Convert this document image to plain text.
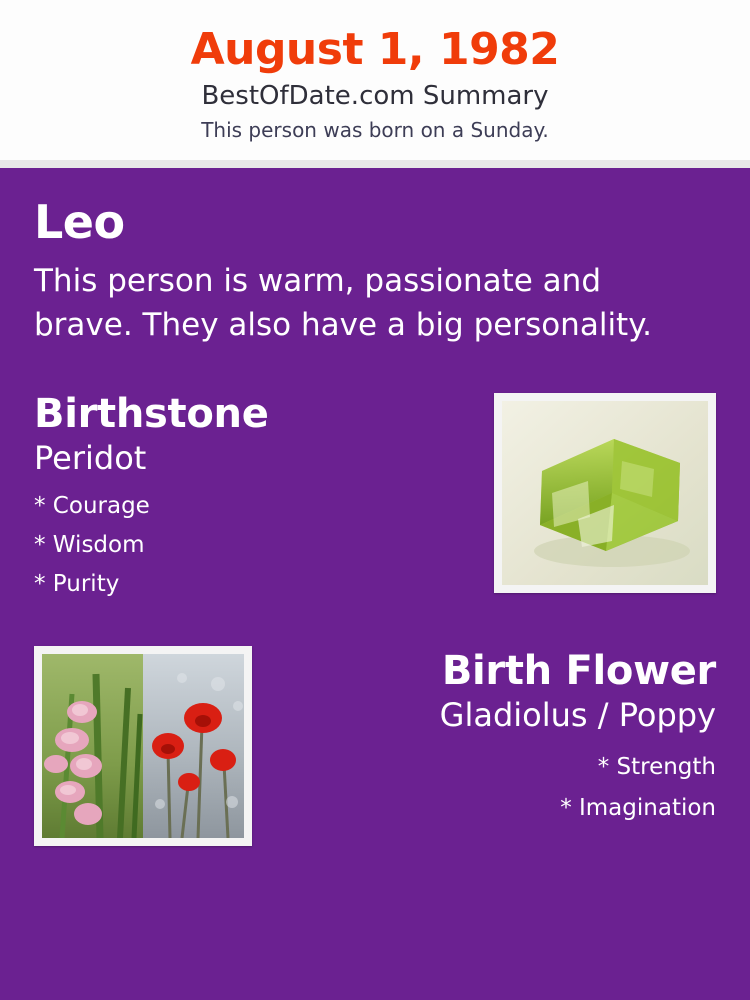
August 1, 1982
BestOfDate.com Summary
This person was born on a Sunday.
Leo
This person is warm, passionate and brave. They also have a big personality.
Birthstone
Peridot
* Courage
* Wisdom
* Purity
Birth Flower
Gladiolus / Poppy
* Strength
* Imagination
